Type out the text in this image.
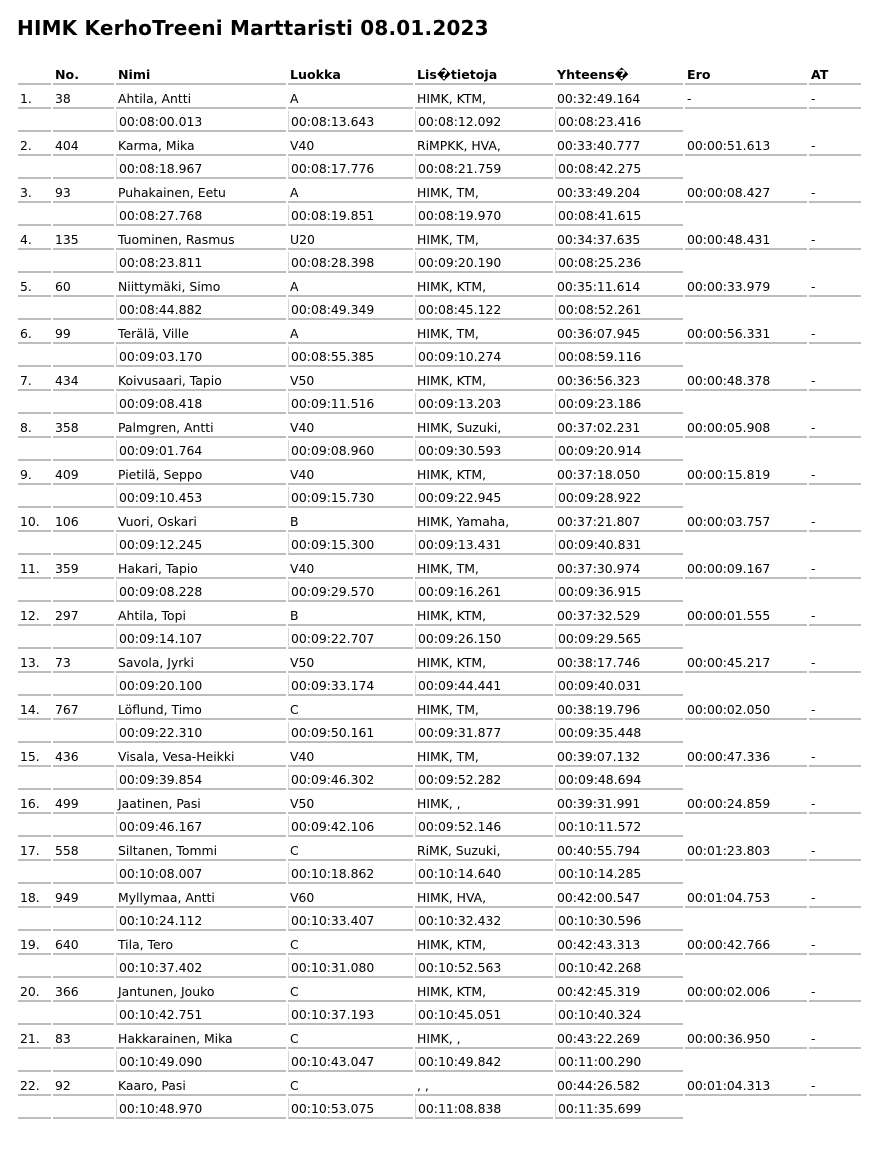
HIMK KerhoTreeni Marttaristi 08.01.2023
No.	Nimi	Luokka	Lis�tietoja	Yhteens�	Ero	AT
1.	38	Ahtila, Antti	A	HIMK, KTM,	00:32:49.164	-	-
00:08:00.013	00:08:13.643	00:08:12.092	00:08:23.416
2.	404	Karma, Mika	V40	RiMPKK, HVA,	00:33:40.777	00:00:51.613	-
00:08:18.967	00:08:17.776	00:08:21.759	00:08:42.275
3.	93	Puhakainen, Eetu	A	HIMK, TM,	00:33:49.204	00:00:08.427	-
00:08:27.768	00:08:19.851	00:08:19.970	00:08:41.615
4.	135	Tuominen, Rasmus	U20	HIMK, TM,	00:34:37.635	00:00:48.431	-
00:08:23.811	00:08:28.398	00:09:20.190	00:08:25.236
5.	60	Niittymäki, Simo	A	HIMK, KTM,	00:35:11.614	00:00:33.979	-
00:08:44.882	00:08:49.349	00:08:45.122	00:08:52.261
6.	99	Terälä, Ville	A	HIMK, TM,	00:36:07.945	00:00:56.331	-
00:09:03.170	00:08:55.385	00:09:10.274	00:08:59.116
7.	434	Koivusaari, Tapio	V50	HIMK, KTM,	00:36:56.323	00:00:48.378	-
00:09:08.418	00:09:11.516	00:09:13.203	00:09:23.186
8.	358	Palmgren, Antti	V40	HIMK, Suzuki,	00:37:02.231	00:00:05.908	-
00:09:01.764	00:09:08.960	00:09:30.593	00:09:20.914
9.	409	Pietilä, Seppo	V40	HIMK, KTM,	00:37:18.050	00:00:15.819	-
00:09:10.453	00:09:15.730	00:09:22.945	00:09:28.922
10.	106	Vuori, Oskari	B	HIMK, Yamaha,	00:37:21.807	00:00:03.757	-
00:09:12.245	00:09:15.300	00:09:13.431	00:09:40.831
11.	359	Hakari, Tapio	V40	HIMK, TM,	00:37:30.974	00:00:09.167	-
00:09:08.228	00:09:29.570	00:09:16.261	00:09:36.915
12.	297	Ahtila, Topi	B	HIMK, KTM,	00:37:32.529	00:00:01.555	-
00:09:14.107	00:09:22.707	00:09:26.150	00:09:29.565
13.	73	Savola, Jyrki	V50	HIMK, KTM,	00:38:17.746	00:00:45.217	-
00:09:20.100	00:09:33.174	00:09:44.441	00:09:40.031
14.	767	Löflund, Timo	C	HIMK, TM,	00:38:19.796	00:00:02.050	-
00:09:22.310	00:09:50.161	00:09:31.877	00:09:35.448
15.	436	Visala, Vesa-Heikki	V40	HIMK, TM,	00:39:07.132	00:00:47.336	-
00:09:39.854	00:09:46.302	00:09:52.282	00:09:48.694
16.	499	Jaatinen, Pasi	V50	HIMK, ,	00:39:31.991	00:00:24.859	-
00:09:46.167	00:09:42.106	00:09:52.146	00:10:11.572
17.	558	Siltanen, Tommi	C	RiMK, Suzuki,	00:40:55.794	00:01:23.803	-
00:10:08.007	00:10:18.862	00:10:14.640	00:10:14.285
18.	949	Myllymaa, Antti	V60	HIMK, HVA,	00:42:00.547	00:01:04.753	-
00:10:24.112	00:10:33.407	00:10:32.432	00:10:30.596
19.	640	Tila, Tero	C	HIMK, KTM,	00:42:43.313	00:00:42.766	-
00:10:37.402	00:10:31.080	00:10:52.563	00:10:42.268
20.	366	Jantunen, Jouko	C	HIMK, KTM,	00:42:45.319	00:00:02.006	-
00:10:42.751	00:10:37.193	00:10:45.051	00:10:40.324
21.	83	Hakkarainen, Mika	C	HIMK, ,	00:43:22.269	00:00:36.950	-
00:10:49.090	00:10:43.047	00:10:49.842	00:11:00.290
22.	92	Kaaro, Pasi	C	, ,	00:44:26.582	00:01:04.313	-
00:10:48.970	00:10:53.075	00:11:08.838	00:11:35.699
